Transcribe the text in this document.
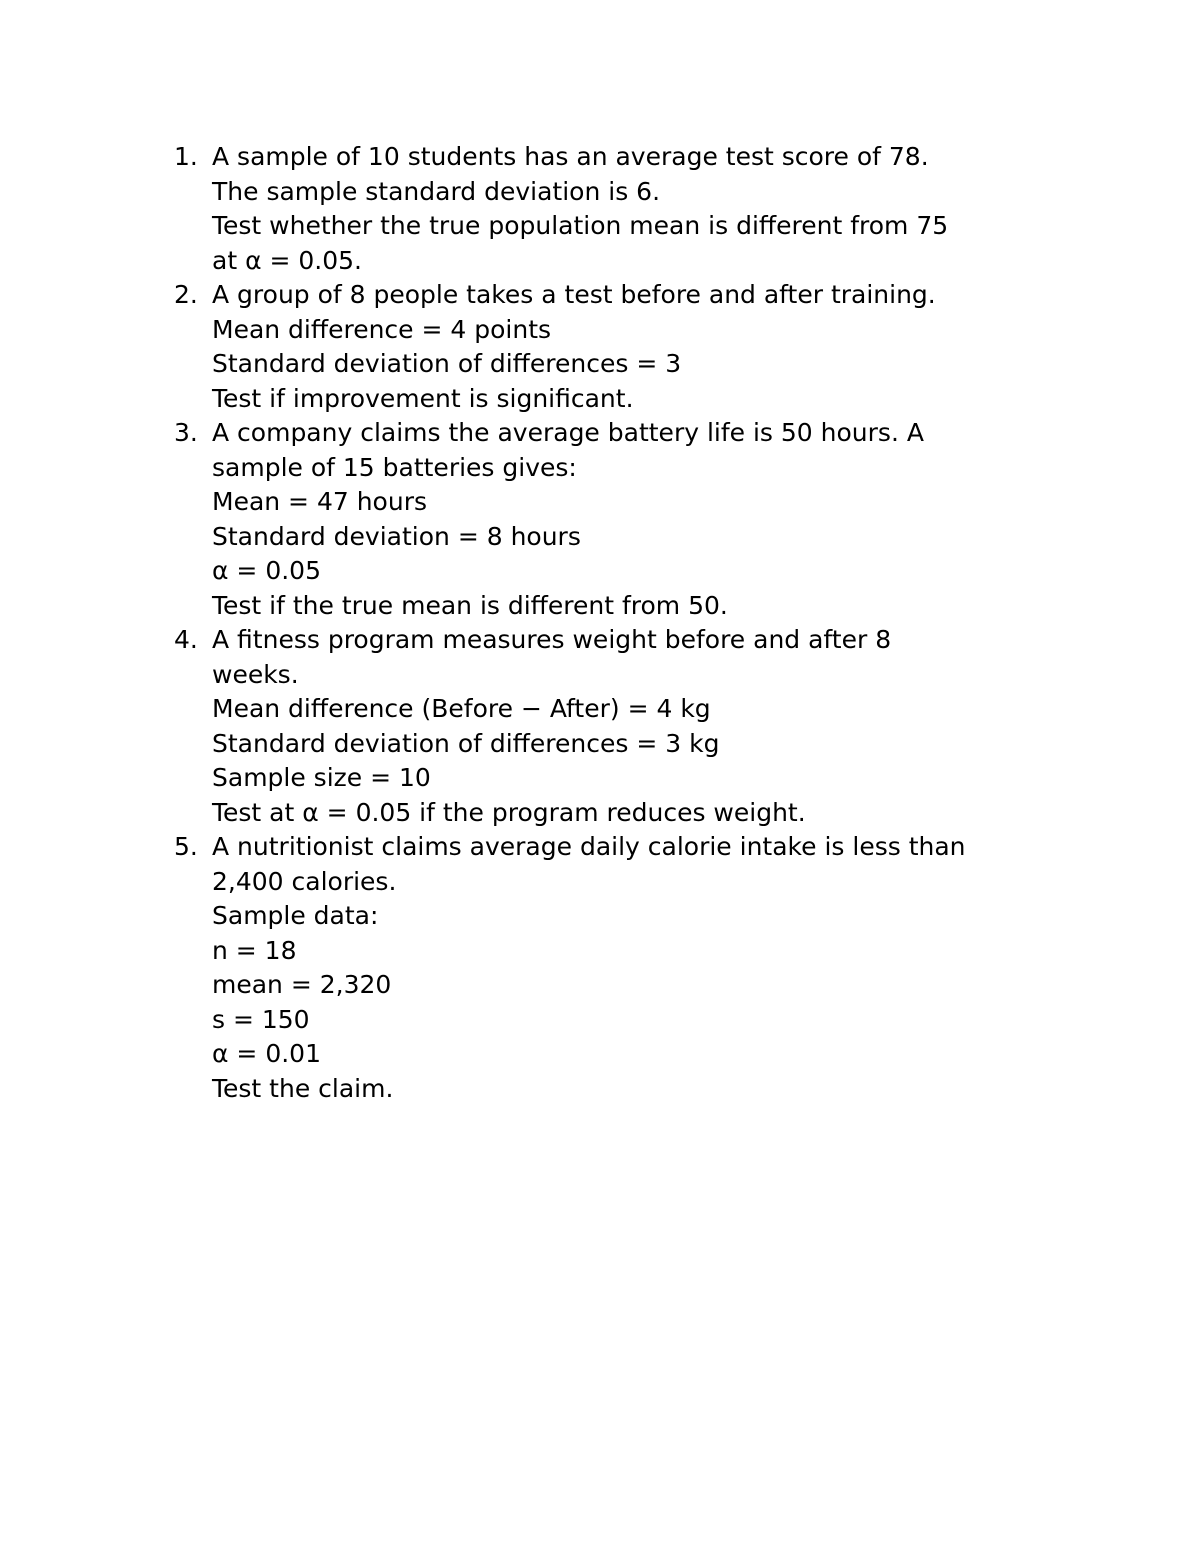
1. A sample of 10 students has an average test score of 78.
The sample standard deviation is 6.
Test whether the true population mean is different from 75
at α = 0.05.
2. A group of 8 people takes a test before and after training.
Mean difference = 4 points
Standard deviation of differences = 3
Test if improvement is significant.
3. A company claims the average battery life is 50 hours. A
sample of 15 batteries gives:
Mean = 47 hours
Standard deviation = 8 hours
α = 0.05
Test if the true mean is different from 50.
4. A fitness program measures weight before and after 8
weeks.
Mean difference (Before − After) = 4 kg
Standard deviation of differences = 3 kg
Sample size = 10
Test at α = 0.05 if the program reduces weight.
5. A nutritionist claims average daily calorie intake is less than
2,400 calories.
Sample data:
n = 18
mean = 2,320
s = 150
α = 0.01
Test the claim.
